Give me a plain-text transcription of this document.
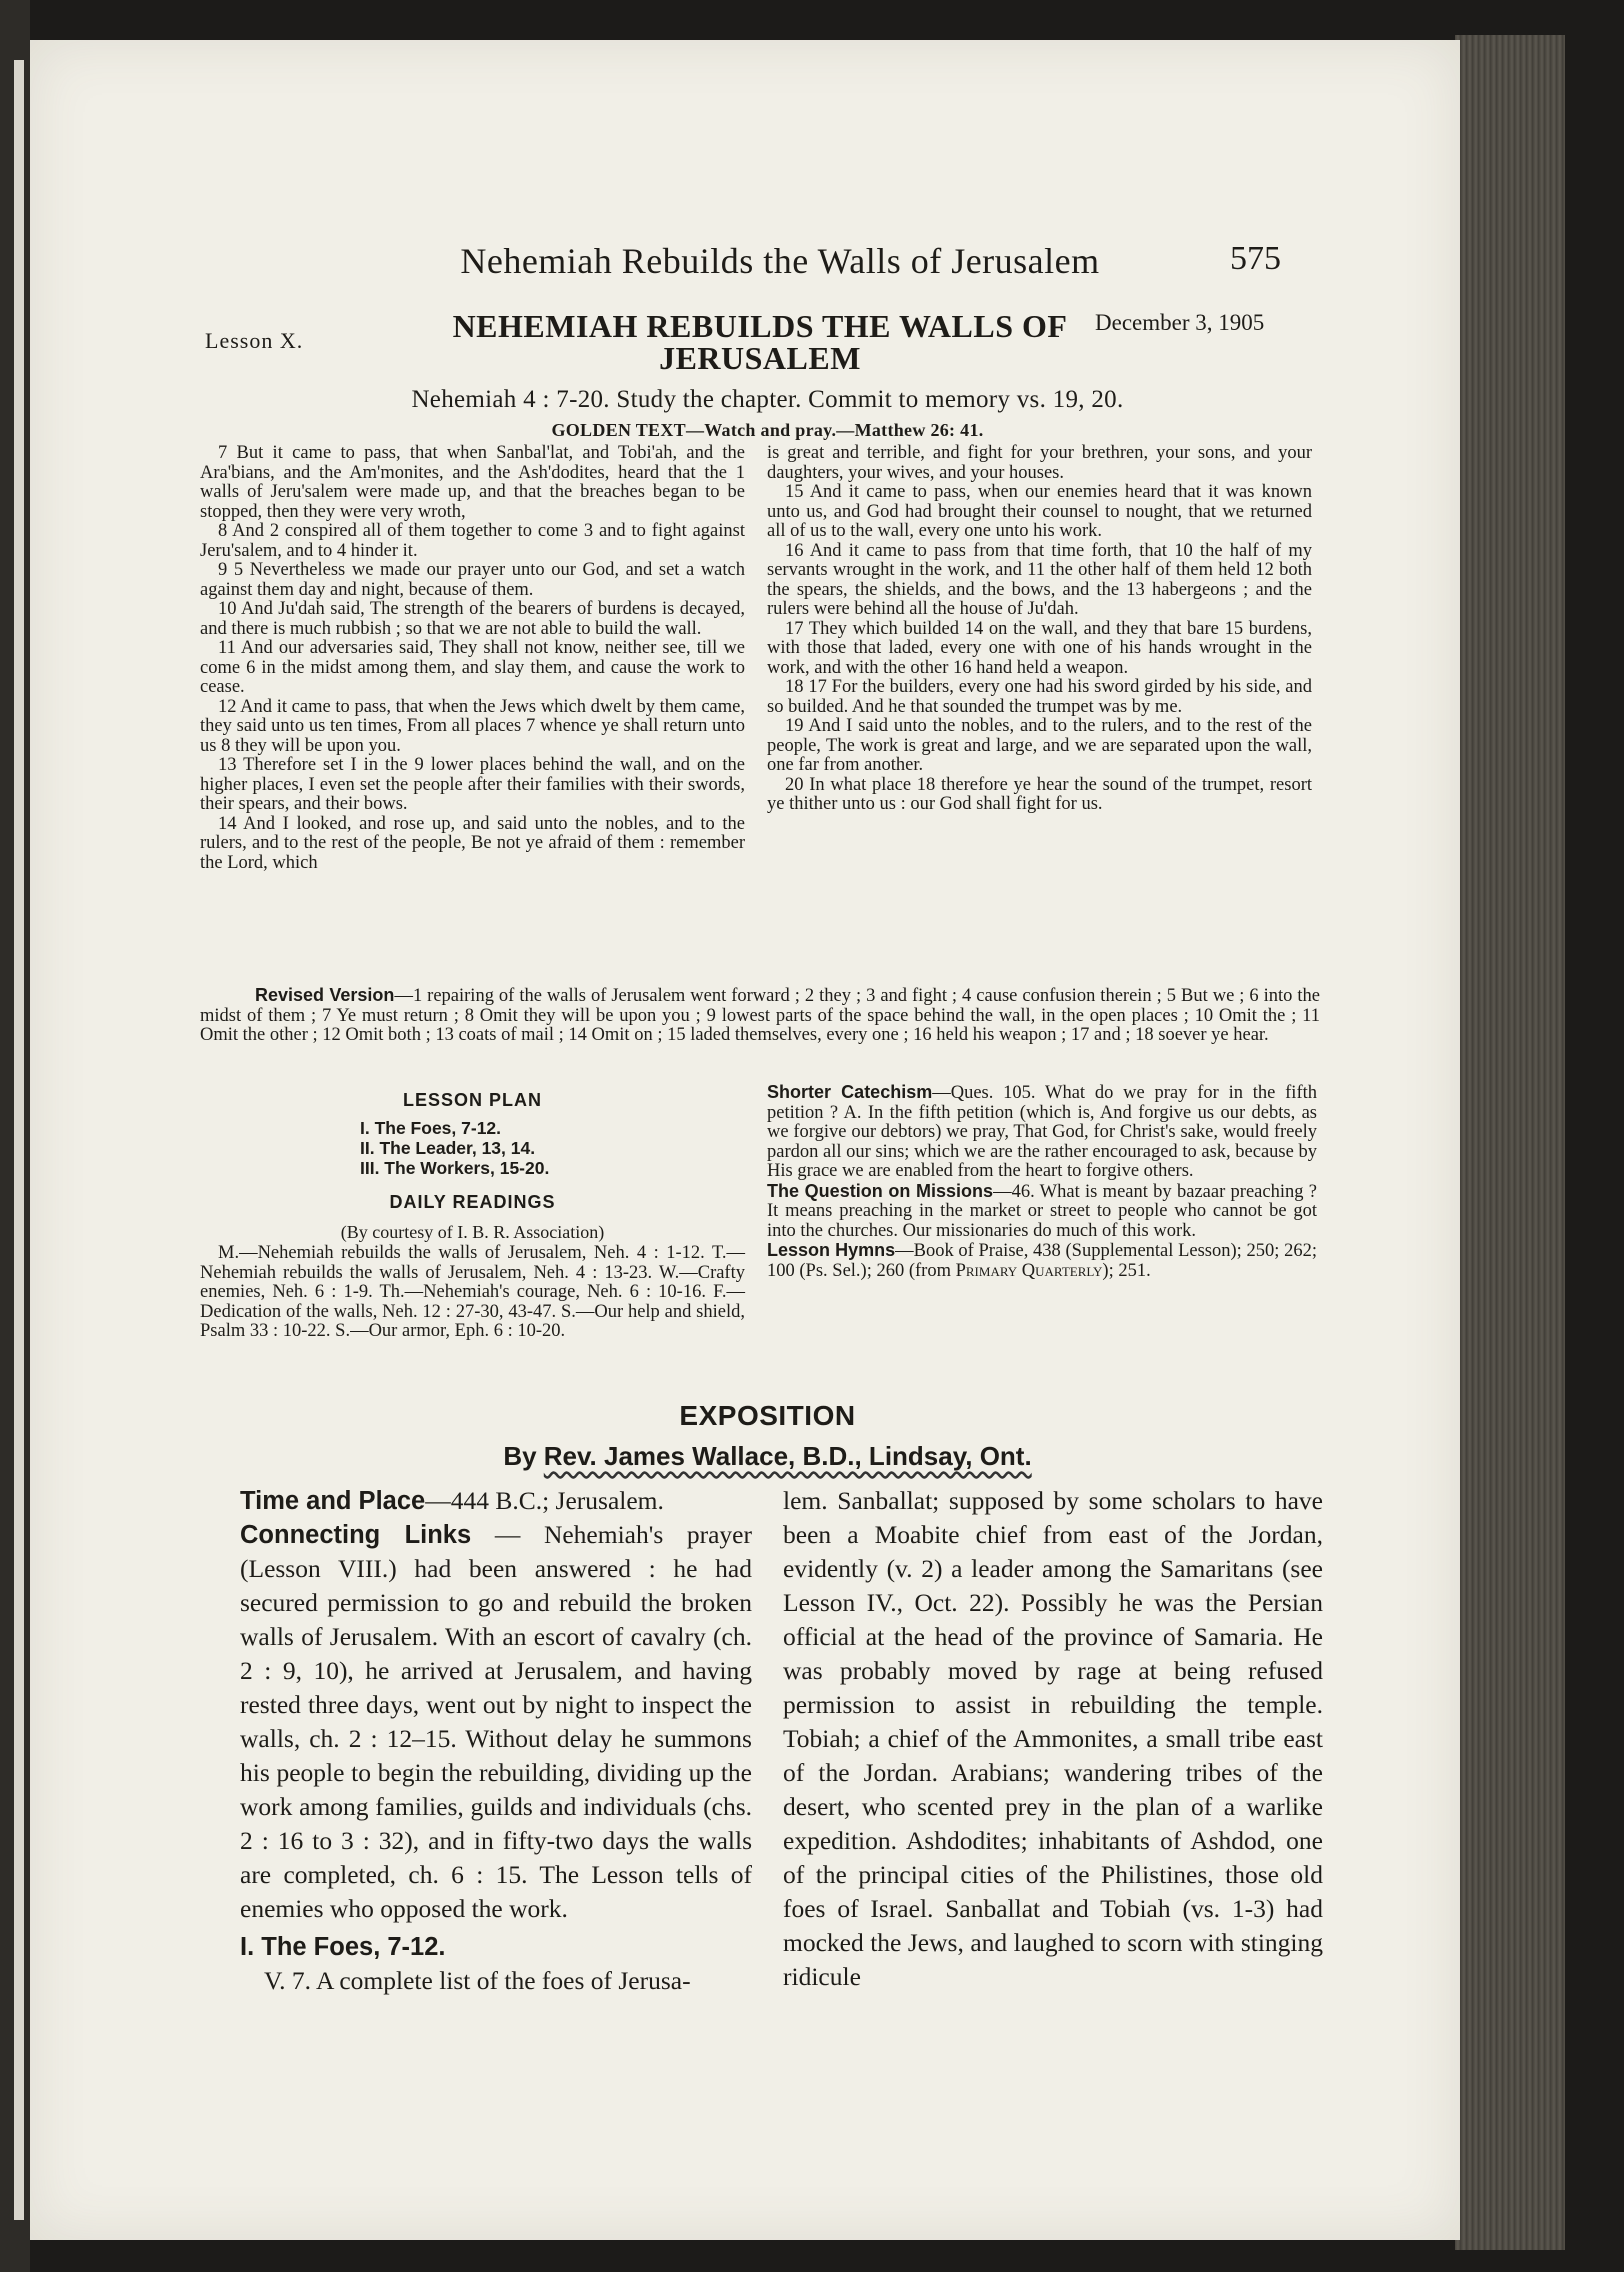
Nehemiah Rebuilds the Walls of Jerusalem	575
Lesson X.	NEHEMIAH REBUILDS THE WALLS OF JERUSALEM
December 3, 1905
Nehemiah 4 : 7-20. Study the chapter. Commit to memory vs. 19, 20.
GOLDEN TEXT—Watch and pray.—Matthew 26: 41.

7 But it came to pass, that when Sanbal'lat, and Tobi'ah, and the Ara'bians, and the Am'monites, and the Ash'dodites, heard that the 1 walls of Jeru'salem were made up, and that the breaches began to be stopped, then they were very wroth,

8 And 2 conspired all of them together to come 3 and to fight against Jeru'salem, and to 4 hinder it.

9 5 Nevertheless we made our prayer unto our God, and set a watch against them day and night, because of them.

10 And Ju'dah said, The strength of the bearers of burdens is decayed, and there is much rubbish ; so that we are not able to build the wall.

11 And our adversaries said, They shall not know, neither see, till we come 6 in the midst among them, and slay them, and cause the work to cease.

12 And it came to pass, that when the Jews which dwelt by them came, they said unto us ten times, From all places 7 whence ye shall return unto us 8 they will be upon you.

13 Therefore set I in the 9 lower places behind the wall, and on the higher places, I even set the people after their families with their swords, their spears, and their bows.

14 And I looked, and rose up, and said unto the nobles, and to the rulers, and to the rest of the people, Be not ye afraid of them : remember the Lord, which

is great and terrible, and fight for your brethren, your sons, and your daughters, your wives, and your houses.

15 And it came to pass, when our enemies heard that it was known unto us, and God had brought their counsel to nought, that we returned all of us to the wall, every one unto his work.

16 And it came to pass from that time forth, that 10 the half of my servants wrought in the work, and 11 the other half of them held 12 both the spears, the shields, and the bows, and the 13 habergeons ; and the rulers were behind all the house of Ju'dah.

17 They which builded 14 on the wall, and they that bare 15 burdens, with those that laded, every one with one of his hands wrought in the work, and with the other 16 hand held a weapon.

18 17 For the builders, every one had his sword girded by his side, and so builded. And he that sounded the trumpet was by me.

19 And I said unto the nobles, and to the rulers, and to the rest of the people, The work is great and large, and we are separated upon the wall, one far from another.

20 In what place 18 therefore ye hear the sound of the trumpet, resort ye thither unto us : our God shall fight for us.

Revised Version—1 repairing of the walls of Jerusalem went forward ; 2 they ; 3 and fight ; 4 cause confusion therein ; 5 But we ; 6 into the midst of them ; 7 Ye must return ; 8 Omit they will be upon you ; 9 lowest parts of the space behind the wall, in the open places ; 10 Omit the ; 11 Omit the other ; 12 Omit both ; 13 coats of mail ; 14 Omit on ; 15 laded themselves, every one ; 16 held his weapon ; 17 and ; 18 soever ye hear.
LESSON PLAN
I. The Foes, 7-12.
II. The Leader, 13, 14.
III. The Workers, 15-20.
DAILY READINGS
(By courtesy of I. B. R. Association)

M.—Nehemiah rebuilds the walls of Jerusalem, Neh. 4 : 1-12. T.—Nehemiah rebuilds the walls of Jerusalem, Neh. 4 : 13-23. W.—Crafty enemies, Neh. 6 : 1-9. Th.—Nehemiah's courage, Neh. 6 : 10-16. F.—Dedication of the walls, Neh. 12 : 27-30, 43-47. S.—Our help and shield, Psalm 33 : 10-22. S.—Our armor, Eph. 6 : 10-20.

Shorter Catechism—Ques. 105. What do we pray for in the fifth petition ? A. In the fifth petition (which is, And forgive us our debts, as we forgive our debtors) we pray, That God, for Christ's sake, would freely pardon all our sins; which we are the rather encouraged to ask, because by His grace we are enabled from the heart to forgive others.

The Question on Missions—46. What is meant by bazaar preaching ? It means preaching in the market or street to people who cannot be got into the churches. Our missionaries do much of this work.

Lesson Hymns—Book of Praise, 438 (Supplemental Lesson); 250; 262; 100 (Ps. Sel.); 260 (from Primary Quarterly); 251.

EXPOSITION
By Rev. James Wallace, B.D., Lindsay, Ont.

Time and Place—444 B.C.; Jerusalem.

Connecting Links — Nehemiah's prayer (Lesson VIII.) had been answered : he had secured permission to go and rebuild the broken walls of Jerusalem. With an escort of cavalry (ch. 2 : 9, 10), he arrived at Jerusalem, and having rested three days, went out by night to inspect the walls, ch. 2 : 12–15. Without delay he summons his people to begin the rebuilding, dividing up the work among families, guilds and individuals (chs. 2 : 16 to 3 : 32), and in fifty-two days the walls are completed, ch. 6 : 15. The Lesson tells of enemies who opposed the work.

I. The Foes, 7-12.

V. 7. A complete list of the foes of Jerusa-

lem. Sanballat; supposed by some scholars to have been a Moabite chief from east of the Jordan, evidently (v. 2) a leader among the Samaritans (see Lesson IV., Oct. 22). Possibly he was the Persian official at the head of the province of Samaria. He was probably moved by rage at being refused permission to assist in rebuilding the temple. Tobiah; a chief of the Ammonites, a small tribe east of the Jordan. Arabians; wandering tribes of the desert, who scented prey in the plan of a warlike expedition. Ashdodites; inhabitants of Ashdod, one of the principal cities of the Philistines, those old foes of Israel. Sanballat and Tobiah (vs. 1-3) had mocked the Jews, and laughed to scorn with stinging ridicule
